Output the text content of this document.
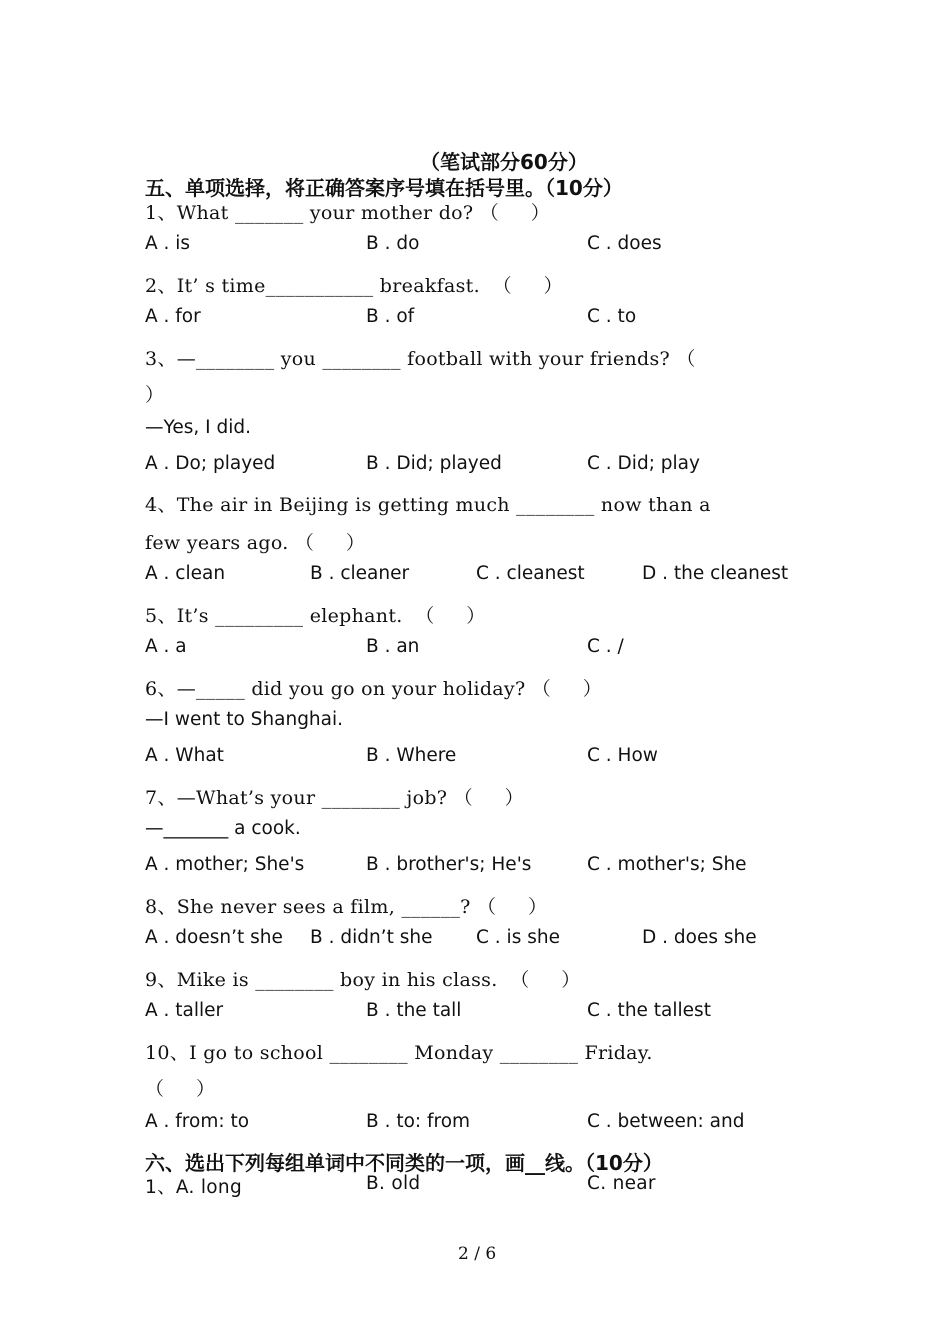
（笔试部分60分）
五、单项选择，将正确答案序号填在括号里。（10分）
1、What _______ your mother do? （     ）
A . is	B . do	C . does
2、It’ s time___________ breakfast.  （     ）
A . for	B . of	C . to
3、—________ you ________ football with your friends? （
）
—Yes, I did.
A . Do; played	B . Did; played	C . Did; play
4、The air in Beijing is getting much ________ now than a
few years ago. （     ）
A . clean	B . cleaner	C . cleanest	D . the cleanest
5、It’s _________ elephant.  （     ）
A . a	B . an	C . /
6、—_____ did you go on your holiday? （     ）
—I went to Shanghai.
A . What	B . Where	C . How
7、—What’s your ________ job? （     ）
—_______ a cook.
A . mother; She's	B . brother's; He's	C . mother's; She
8、She never sees a film, ______? （     ）
A . doesn’t she B . didn’t she C . is she	D . does she
9、Mike is ________ boy in his class.  （     ）
A . taller	B . the tall	C . the tallest
10、I go to school ________ Monday ________ Friday.
（     ）
A . from: to	B . to: from	C . between: and
六、选出下列每组单词中不同类的一项，画__线。（10分）
1、A. long	B. old	C. near
2 / 6
